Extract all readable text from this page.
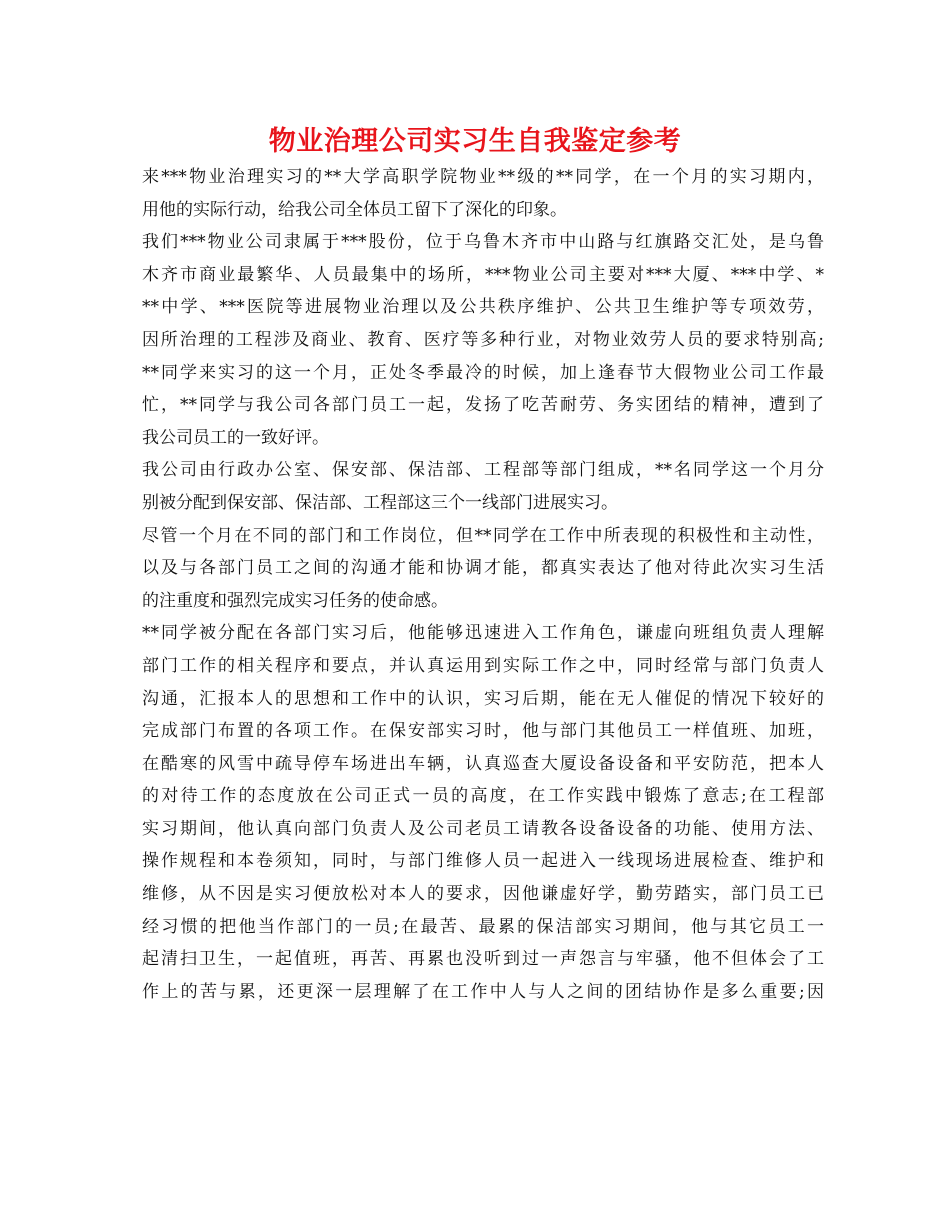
物业治理公司实习生自我鉴定参考
来***物业治理实习的**大学高职学院物业**级的**同学，在一个月的实习期内，
用他的实际行动，给我公司全体员工留下了深化的印象。
我们***物业公司隶属于***股份，位于乌鲁木齐市中山路与红旗路交汇处，是乌鲁
木齐市商业最繁华、人员最集中的场所，***物业公司主要对***大厦、***中学、*
**中学、***医院等进展物业治理以及公共秩序维护、公共卫生维护等专项效劳，
因所治理的工程涉及商业、教育、医疗等多种行业，对物业效劳人员的要求特别高;
**同学来实习的这一个月，正处冬季最冷的时候，加上逢春节大假物业公司工作最
忙，**同学与我公司各部门员工一起，发扬了吃苦耐劳、务实团结的精神，遭到了
我公司员工的一致好评。
我公司由行政办公室、保安部、保洁部、工程部等部门组成，**名同学这一个月分
别被分配到保安部、保洁部、工程部这三个一线部门进展实习。
尽管一个月在不同的部门和工作岗位，但**同学在工作中所表现的积极性和主动性，
以及与各部门员工之间的沟通才能和协调才能，都真实表达了他对待此次实习生活
的注重度和强烈完成实习任务的使命感。
**同学被分配在各部门实习后，他能够迅速进入工作角色，谦虚向班组负责人理解
部门工作的相关程序和要点，并认真运用到实际工作之中，同时经常与部门负责人
沟通，汇报本人的思想和工作中的认识，实习后期，能在无人催促的情况下较好的
完成部门布置的各项工作。在保安部实习时，他与部门其他员工一样值班、加班，
在酷寒的风雪中疏导停车场进出车辆，认真巡查大厦设备设备和平安防范，把本人
的对待工作的态度放在公司正式一员的高度，在工作实践中锻炼了意志;在工程部
实习期间，他认真向部门负责人及公司老员工请教各设备设备的功能、使用方法、
操作规程和本卷须知，同时，与部门维修人员一起进入一线现场进展检查、维护和
维修，从不因是实习便放松对本人的要求，因他谦虚好学，勤劳踏实，部门员工已
经习惯的把他当作部门的一员;在最苦、最累的保洁部实习期间，他与其它员工一
起清扫卫生，一起值班，再苦、再累也没听到过一声怨言与牢骚，他不但体会了工
作上的苦与累，还更深一层理解了在工作中人与人之间的团结协作是多么重要;因
